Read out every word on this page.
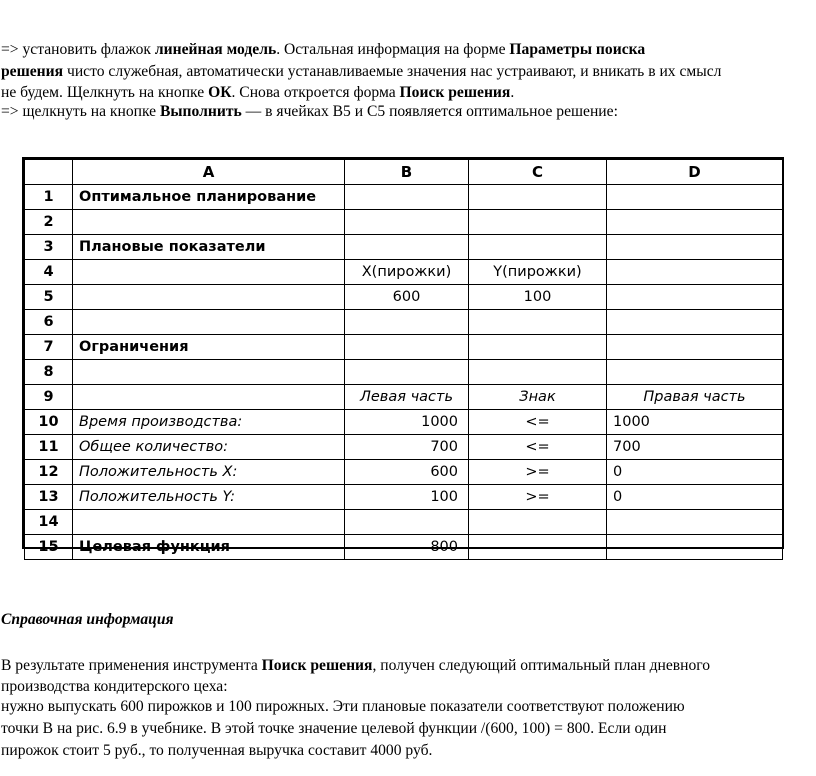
=> установить флажок линейная модель. Остальная информация на форме Параметры поиска

решения чисто служебная, автоматически устанавливаемые значения нас устраивают, и вникать в их смысл

не будем. Щелкнуть на кнопке ОК. Снова откроется форма Поиск решения.

=> щелкнуть на кнопке Выполнить — в ячейках B5 и C5 появляется оптимальное решение:

	A	B	C	D
1	Оптимальное планирование			
2				
3	Плановые показатели			
4		X(пирожки)	Y(пирожки)	
5		600	100	
6				
7	Ограничения			
8				
9		Левая часть	Знак	Правая часть
10	Время производства:	1000	<=	1000
11	Общее количество:	700	<=	700
12	Положительность X:	600	>=	0
13	Положительность Y:	100	>=	0
14				
15	Целевая функция	800		

Справочная информация

В результате применения инструмента Поиск решения, получен следующий оптимальный план дневного

производства кондитерского цеха:

нужно выпускать 600 пирожков и 100 пирожных. Эти плановые показатели соответствуют положению

точки В на рис. 6.9 в учебнике. В этой точке значение целевой функции /(600, 100) = 800. Если один

пирожок стоит 5 руб., то полученная выручка составит 4000 руб.
